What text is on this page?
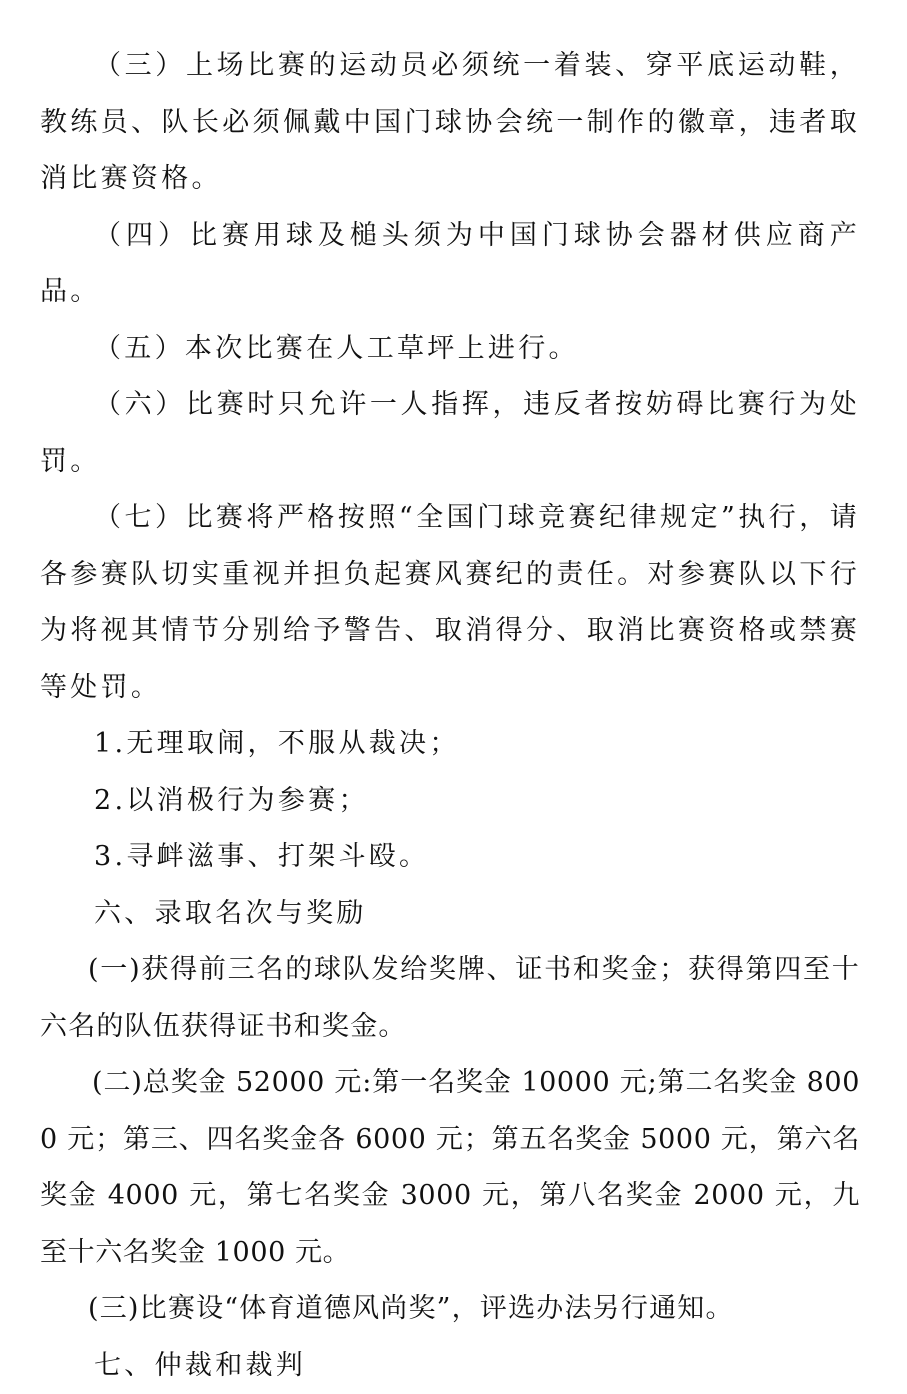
（三）上场比赛的运动员必须统一着装、穿平底运动鞋，教练员、队长必须佩戴中国门球协会统一制作的徽章，违者取消比赛资格。

（四）比赛用球及槌头须为中国门球协会器材供应商产品。

（五）本次比赛在人工草坪上进行。

（六）比赛时只允许一人指挥，违反者按妨碍比赛行为处罚。

（七）比赛将严格按照“全国门球竞赛纪律规定”执行，请各参赛队切实重视并担负起赛风赛纪的责任。对参赛队以下行为将视其情节分别给予警告、取消得分、取消比赛资格或禁赛等处罚。

1.无理取闹，不服从裁决；

2.以消极行为参赛；

3.寻衅滋事、打架斗殴。

六、录取名次与奖励

(一)获得前三名的球队发给奖牌、证书和奖金；获得第四至十六名的队伍获得证书和奖金。

(二)总奖金 52000 元:第一名奖金 10000 元;第二名奖金 8000 元；第三、四名奖金各 6000 元；第五名奖金 5000 元，第六名奖金 4000 元，第七名奖金 3000 元，第八名奖金 2000 元，九至十六名奖金 1000 元。

(三)比赛设“体育道德风尚奖”，评选办法另行通知。

七、仲裁和裁判
